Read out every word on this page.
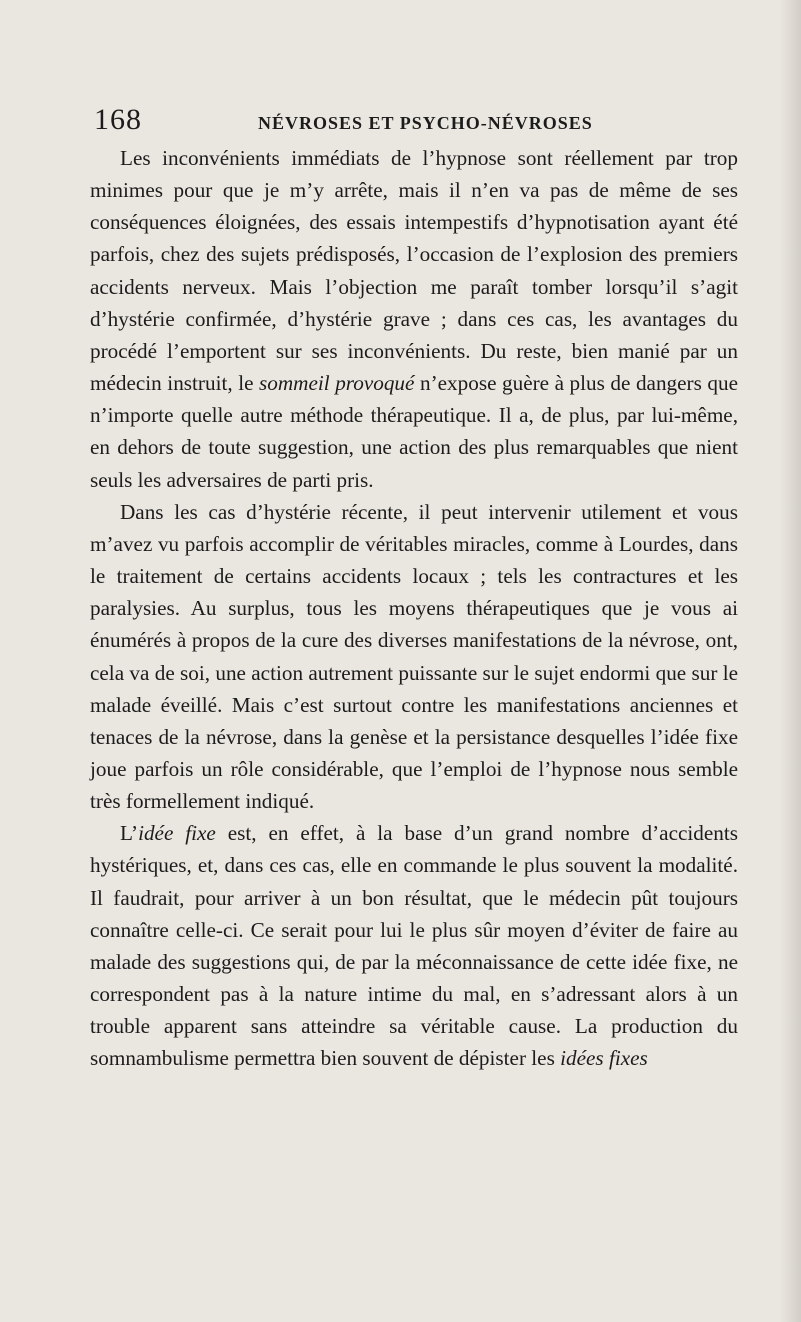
168	NÉVROSES ET PSYCHO-NÉVROSES

Les inconvénients immédiats de l’hypnose sont réellement par trop minimes pour que je m’y arrête, mais il n’en va pas de même de ses conséquences éloignées, des essais intempestifs d’hypnotisation ayant été parfois, chez des sujets prédisposés, l’occasion de l’explosion des premiers accidents nerveux. Mais l’objection me paraît tomber lorsqu’il s’agit d’hystérie confirmée, d’hystérie grave ; dans ces cas, les avantages du procédé l’emportent sur ses inconvénients. Du reste, bien manié par un médecin instruit, le sommeil provoqué n’expose guère à plus de dangers que n’importe quelle autre méthode thérapeutique. Il a, de plus, par lui-même, en dehors de toute suggestion, une action des plus remarquables que nient seuls les adversaires de parti pris.

Dans les cas d’hystérie récente, il peut intervenir utilement et vous m’avez vu parfois accomplir de véritables miracles, comme à Lourdes, dans le traitement de certains accidents locaux ; tels les contractures et les paralysies. Au surplus, tous les moyens thérapeutiques que je vous ai énumérés à propos de la cure des diverses manifestations de la névrose, ont, cela va de soi, une action autrement puissante sur le sujet endormi que sur le malade éveillé. Mais c’est surtout contre les manifestations anciennes et tenaces de la névrose, dans la genèse et la persistance desquelles l’idée fixe joue parfois un rôle considérable, que l’emploi de l’hypnose nous semble très formellement indiqué.

L’idée fixe est, en effet, à la base d’un grand nombre d’accidents hystériques, et, dans ces cas, elle en commande le plus souvent la modalité. Il faudrait, pour arriver à un bon résultat, que le médecin pût toujours connaître celle-ci. Ce serait pour lui le plus sûr moyen d’éviter de faire au malade des suggestions qui, de par la méconnaissance de cette idée fixe, ne correspondent pas à la nature intime du mal, en s’adressant alors à un trouble apparent sans atteindre sa véritable cause. La production du somnambulisme permettra bien souvent de dépister les idées fixes
